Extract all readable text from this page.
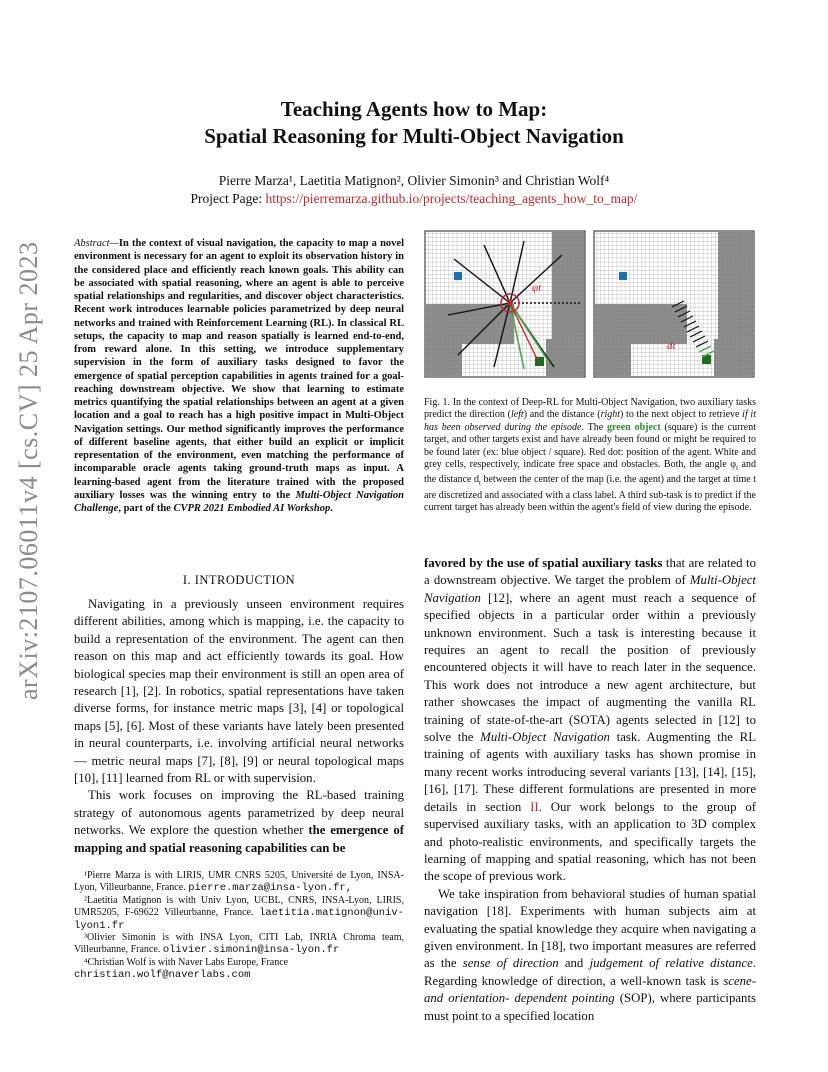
Teaching Agents how to Map:
Spatial Reasoning for Multi-Object Navigation
Pierre Marza¹, Laetitia Matignon², Olivier Simonin³ and Christian Wolf⁴
Project Page: https://pierremarza.github.io/projects/teaching_agents_how_to_map/
arXiv:2107.06011v4 [cs.CV] 25 Apr 2023	Abstract—In the context of visual navigation, the capacity to map a novel environment is necessary for an agent to exploit its observation history in the considered place and efficiently reach known goals. This ability can be associated with spatial reasoning, where an agent is able to perceive spatial relationships and regularities, and discover object characteristics. Recent work introduces learnable policies parametrized by deep neural networks and trained with Reinforcement Learning (RL). In classical RL setups, the capacity to map and reason spatially is learned end-to-end, from reward alone. In this setting, we introduce supplementary supervision in the form of auxiliary tasks designed to favor the emergence of spatial perception capabilities in agents trained for a goal-reaching downstream objective. We show that learning to estimate metrics quantifying the spatial relationships between an agent at a given location and a goal to reach has a high positive impact in Multi-Object Navigation settings. Our method significantly improves the performance of different baseline agents, that either build an explicit or implicit representation of the environment, even matching the performance of incomparable oracle agents taking ground-truth maps as input. A learning-based agent from the literature trained with the proposed auxiliary losses was the winning entry to the Multi-Object Navigation Challenge, part of the CVPR 2021 Embodied AI Workshop.
I. INTRODUCTION

Navigating in a previously unseen environment requires different abilities, among which is mapping, i.e. the capacity to build a representation of the environment. The agent can then reason on this map and act efficiently towards its goal. How biological species map their environment is still an open area of research [1], [2]. In robotics, spatial representations have taken diverse forms, for instance metric maps [3], [4] or topological maps [5], [6]. Most of these variants have lately been presented in neural counterparts, i.e. involving artificial neural networks — metric neural maps [7], [8], [9] or neural topological maps [10], [11] learned from RL or with supervision.

This work focuses on improving the RL-based training strategy of autonomous agents parametrized by deep neural networks. We explore the question whether the emergence of mapping and spatial reasoning capabilities can be

¹Pierre Marza is with LIRIS, UMR CNRS 5205, Université de Lyon, INSA-Lyon, Villeurbanne, France. pierre.marza@insa-lyon.fr,

²Laetitia Matignon is with Univ Lyon, UCBL, CNRS, INSA-Lyon, LIRIS, UMR5205, F-69622 Villeurbanne, France. laetitia.matignon@univ-lyon1.fr

³Olivier Simonin is with INSA Lyon, CITI Lab, INRIA Chroma team, Villeurbanne, France. olivier.simonin@insa-lyon.fr

⁴Christian Wolf is with Naver Labs Europe, France
christian.wolf@naverlabs.com

φt
dt
Fig. 1. In the context of Deep-RL for Multi-Object Navigation, two auxiliary tasks predict the direction (left) and the distance (right) to the next object to retrieve if it has been observed during the episode. The green object (square) is the current target, and other targets exist and have already been found or might be required to be found later (ex: blue object / square). Red dot: position of the agent. White and grey cells, respectively, indicate free space and obstacles. Both, the angle $\varphi_t$ and the distance $d_t$ between the center of the map (i.e. the agent) and the target at time t are discretized and associated with a class label. A third sub-task is to predict if the current target has already been within the agent's field of view during the episode.

favored by the use of spatial auxiliary tasks that are related to a downstream objective. We target the problem of Multi-Object Navigation [12], where an agent must reach a sequence of specified objects in a particular order within a previously unknown environment. Such a task is interesting because it requires an agent to recall the position of previously encountered objects it will have to reach later in the sequence. This work does not introduce a new agent architecture, but rather showcases the impact of augmenting the vanilla RL training of state-of-the-art (SOTA) agents selected in [12] to solve the Multi-Object Navigation task. Augmenting the RL training of agents with auxiliary tasks has shown promise in many recent works introducing several variants [13], [14], [15], [16], [17]. These different formulations are presented in more details in section II. Our work belongs to the group of supervised auxiliary tasks, with an application to 3D complex and photo-realistic environments, and specifically targets the learning of mapping and spatial reasoning, which has not been the scope of previous work.

We take inspiration from behavioral studies of human spatial navigation [18]. Experiments with human subjects aim at evaluating the spatial knowledge they acquire when navigating a given environment. In [18], two important measures are referred as the sense of direction and judgement of relative distance. Regarding knowledge of direction, a well-known task is scene- and orientation- dependent pointing (SOP), where participants must point to a specified location
